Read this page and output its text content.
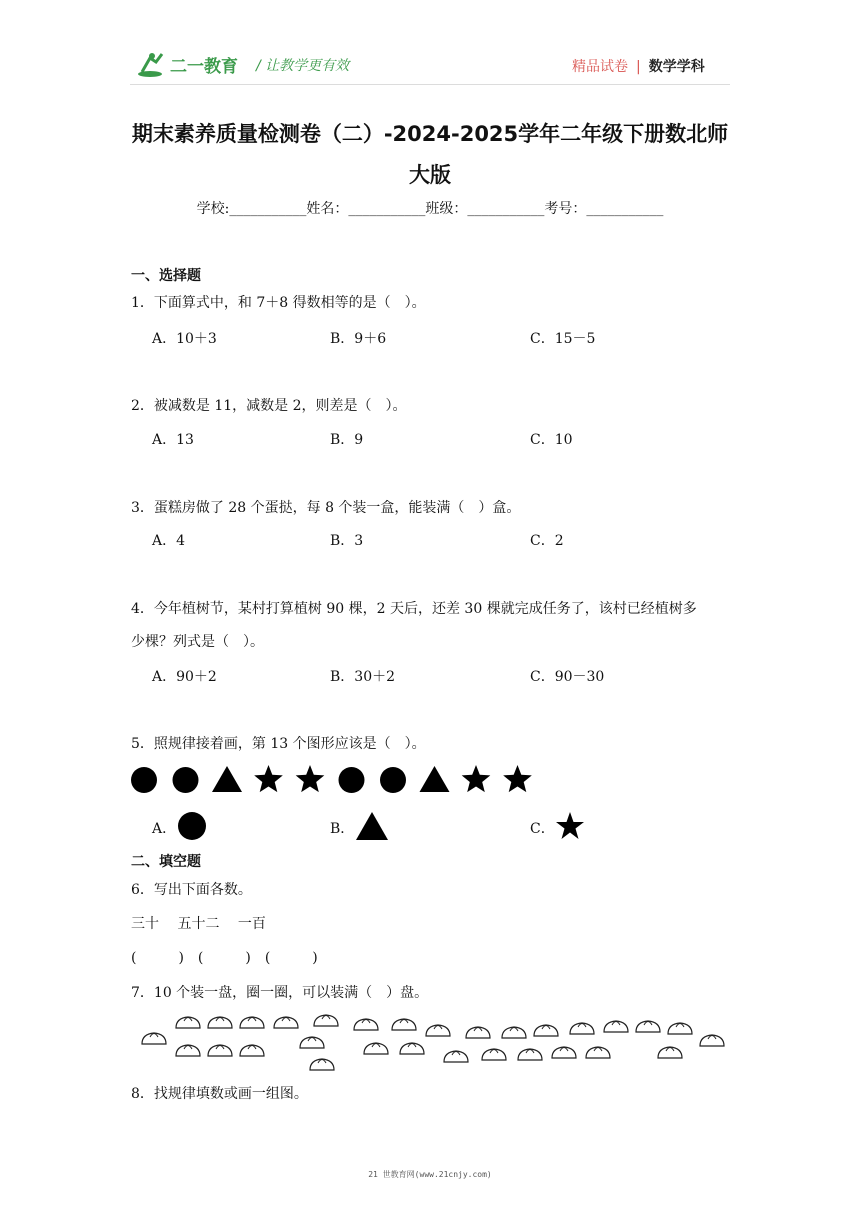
二一教育 / 让教学更有效	精品试卷 | 数学学科
期末素养质量检测卷（二）-2024-2025学年二年级下册数北师
大版
学校:___________姓名：___________班级：___________考号：___________
一、选择题
1．下面算式中，和 7＋8 得数相等的是（　）。
A．10＋3	B．9＋6	C．15－5
2．被减数是 11，减数是 2，则差是（　）。
A．13	B．9	C．10
3．蛋糕房做了 28 个蛋挞，每 8 个装一盒，能装满（　）盒。
A．4	B．3	C．2
4．今年植树节，某村打算植树 90 棵，2 天后，还差 30 棵就完成任务了，该村已经植树多
少棵？列式是（　）。
A．90＋2	B．30＋2	C．90－30
5．照规律接着画，第 13 个图形应该是（　）。
A．	B．	C．
二、填空题
6．写出下面各数。
三十　 五十二　 一百
(　　　)　(　　　)　(　　　)
7．10 个装一盘，圈一圈，可以装满（　）盘。
8．找规律填数或画一组图。
21 世教育网(www.21cnjy.com)
